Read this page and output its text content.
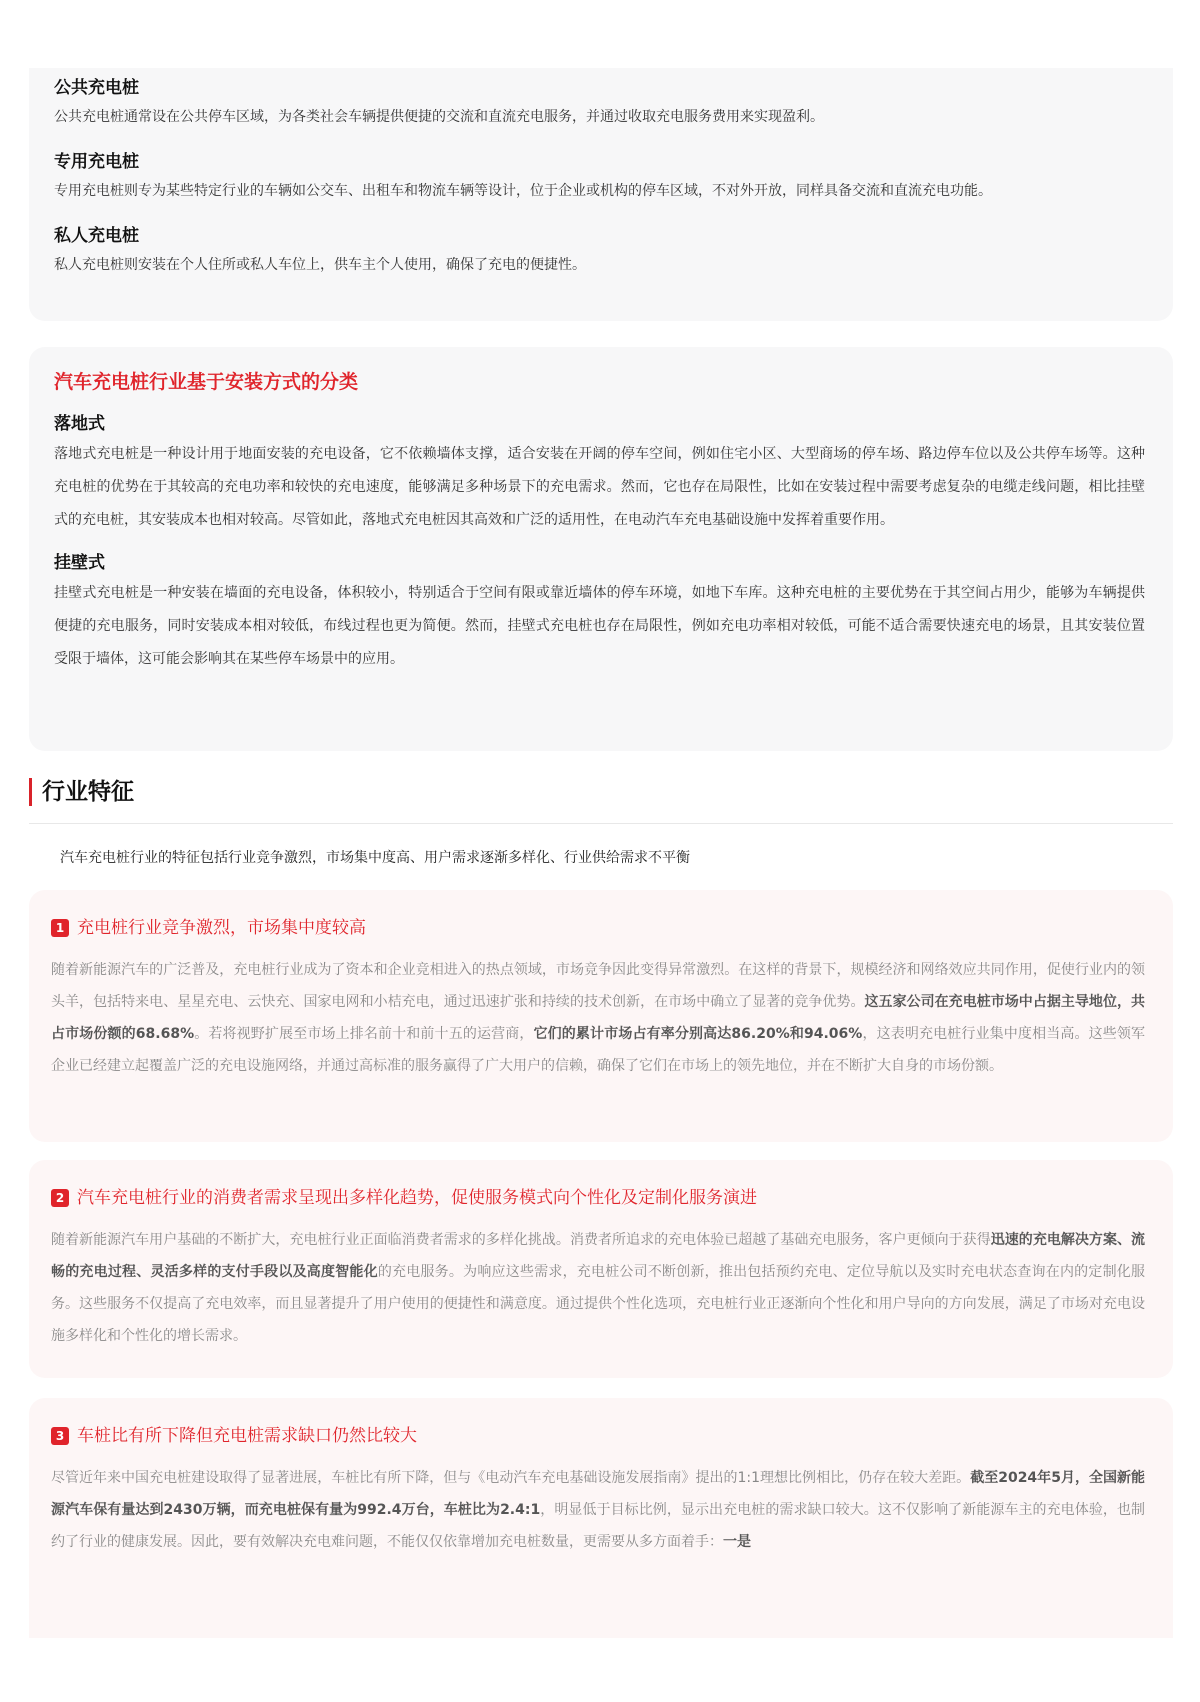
公共充电桩

公共充电桩通常设在公共停车区域，为各类社会车辆提供便捷的交流和直流充电服务，并通过收取充电服务费用来实现盈利。

专用充电桩

专用充电桩则专为某些特定行业的车辆如公交车、出租车和物流车辆等设计，位于企业或机构的停车区域，不对外开放，同样具备交流和直流充电功能。

私人充电桩

私人充电桩则安装在个人住所或私人车位上，供车主个人使用，确保了充电的便捷性。

汽车充电桩行业基于安装方式的分类
落地式

落地式充电桩是一种设计用于地面安装的充电设备，它不依赖墙体支撑，适合安装在开阔的停车空间，例如住宅小区、大型商场的停车场、路边停车位以及公共停车场等。这种充电桩的优势在于其较高的充电功率和较快的充电速度，能够满足多种场景下的充电需求。然而，它也存在局限性，比如在安装过程中需要考虑复杂的电缆走线问题，相比挂壁式的充电桩，其安装成本也相对较高。尽管如此，落地式充电桩因其高效和广泛的适用性，在电动汽车充电基础设施中发挥着重要作用。

挂壁式

挂壁式充电桩是一种安装在墙面的充电设备，体积较小，特别适合于空间有限或靠近墙体的停车环境，如地下车库。这种充电桩的主要优势在于其空间占用少，能够为车辆提供便捷的充电服务，同时安装成本相对较低，布线过程也更为简便。然而，挂壁式充电桩也存在局限性，例如充电功率相对较低，可能不适合需要快速充电的场景，且其安装位置受限于墙体，这可能会影响其在某些停车场景中的应用。

行业特征
汽车充电桩行业的特征包括行业竞争激烈，市场集中度高、用户需求逐渐多样化、行业供给需求不平衡
1 充电桩行业竞争激烈，市场集中度较高

随着新能源汽车的广泛普及，充电桩行业成为了资本和企业竞相进入的热点领域，市场竞争因此变得异常激烈。在这样的背景下，规模经济和网络效应共同作用，促使行业内的领头羊，包括特来电、星星充电、云快充、国家电网和小桔充电，通过迅速扩张和持续的技术创新，在市场中确立了显著的竞争优势。这五家公司在充电桩市场中占据主导地位，共占市场份额的68.68%。若将视野扩展至市场上排名前十和前十五的运营商，它们的累计市场占有率分别高达86.20%和94.06%，这表明充电桩行业集中度相当高。这些领军企业已经建立起覆盖广泛的充电设施网络，并通过高标准的服务赢得了广大用户的信赖，确保了它们在市场上的领先地位，并在不断扩大自身的市场份额。

2 汽车充电桩行业的消费者需求呈现出多样化趋势，促使服务模式向个性化及定制化服务演进

随着新能源汽车用户基础的不断扩大，充电桩行业正面临消费者需求的多样化挑战。消费者所追求的充电体验已超越了基础充电服务，客户更倾向于获得迅速的充电解决方案、流畅的充电过程、灵活多样的支付手段以及高度智能化的充电服务。为响应这些需求，充电桩公司不断创新，推出包括预约充电、定位导航以及实时充电状态查询在内的定制化服务。这些服务不仅提高了充电效率，而且显著提升了用户使用的便捷性和满意度。通过提供个性化选项，充电桩行业正逐渐向个性化和用户导向的方向发展，满足了市场对充电设施多样化和个性化的增长需求。

3 车桩比有所下降但充电桩需求缺口仍然比较大

尽管近年来中国充电桩建设取得了显著进展，车桩比有所下降，但与《电动汽车充电基础设施发展指南》提出的1:1理想比例相比，仍存在较大差距。截至2024年5月，全国新能源汽车保有量达到2430万辆，而充电桩保有量为992.4万台，车桩比为2.4:1，明显低于目标比例，显示出充电桩的需求缺口较大。这不仅影响了新能源车主的充电体验，也制约了行业的健康发展。因此，要有效解决充电难问题，不能仅仅依靠增加充电桩数量，更需要从多方面着手：一是
